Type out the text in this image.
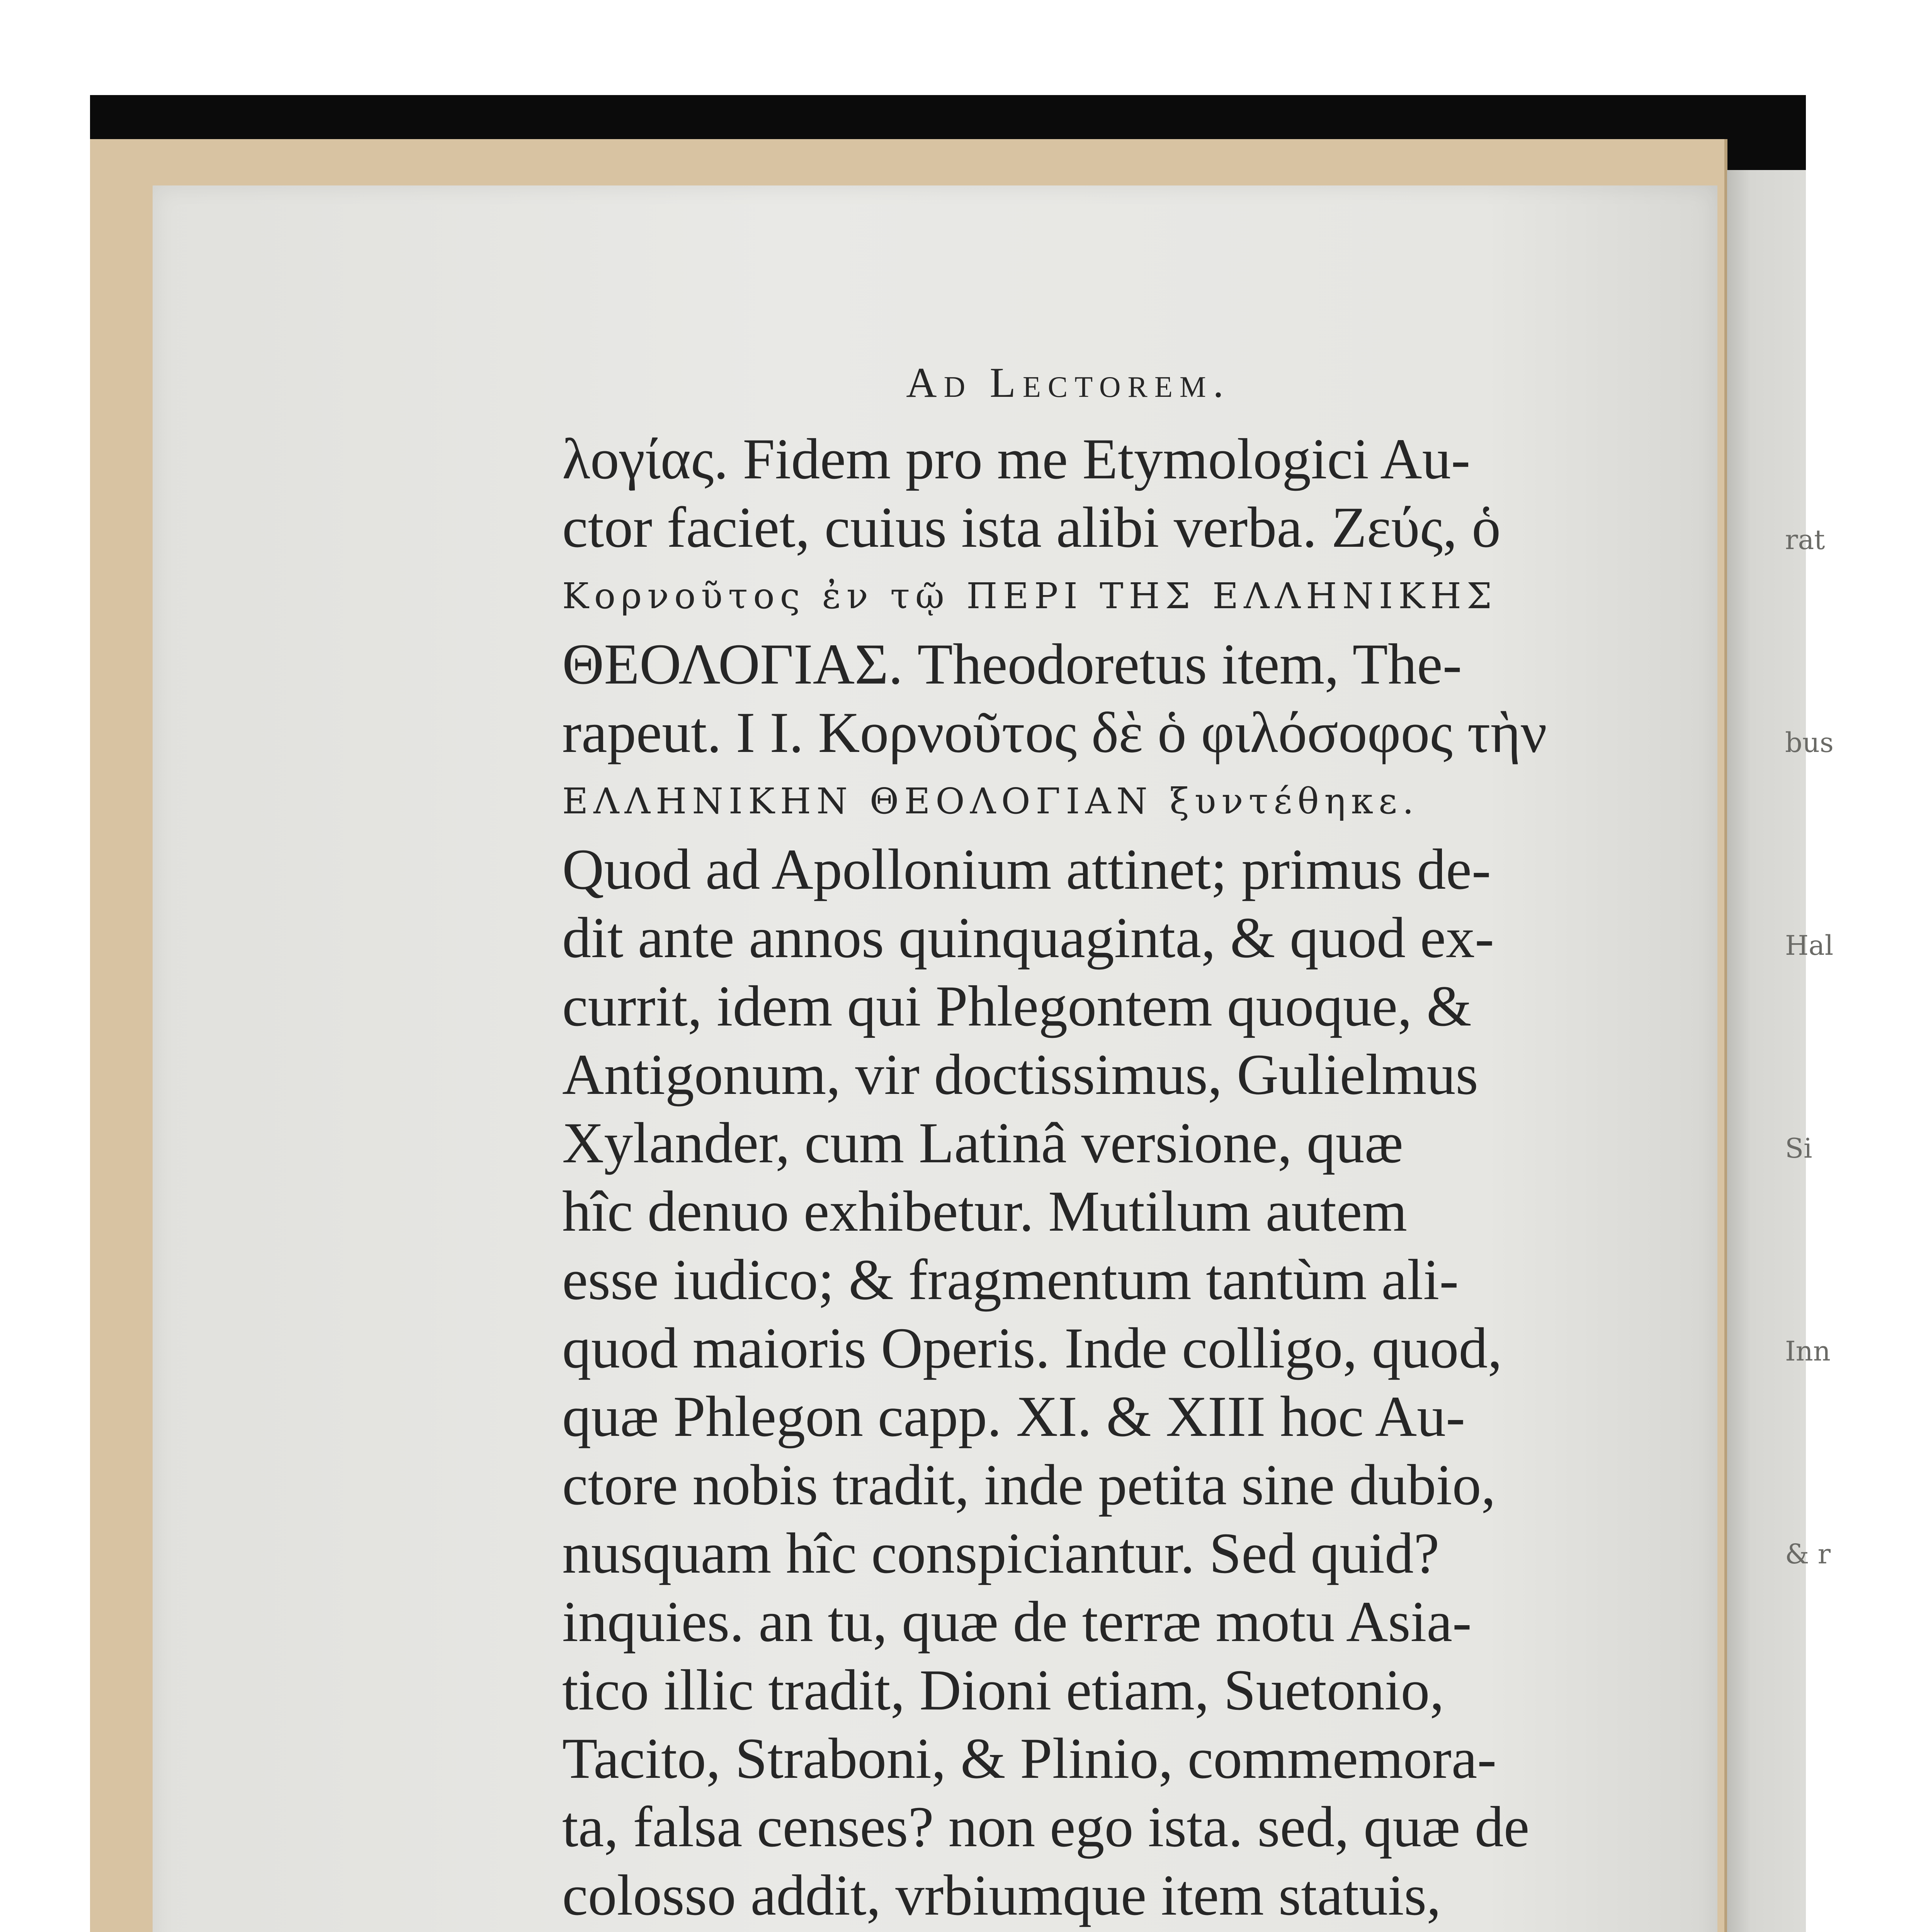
rat

bus

Hal

Si

Inn

& r

Ad Lectorem.
λογίας. Fidem pro me Etymologici Au-
ctor faciet, cuius ista alibi verba. Ζεύς, ὁ
Κορνοῦτος ἐν τῷ ΠΕΡΙ ΤΗΣ ΕΛΛΗΝΙΚΗΣ
ΘΕΟΛΟΓΙΑΣ. Theodoretus item, The-
rapeut. I I. Κορνοῦτος δὲ ὁ φιλόσοφος τὴν
ΕΛΛΗΝΙΚΗΝ ΘΕΟΛΟΓΙΑΝ ξυντέθηκε.
Quod ad Apollonium attinet; primus de-
dit ante annos quinquaginta, & quod ex-
currit, idem qui Phlegontem quoque, &
Antigonum, vir doctissimus, Gulielmus
Xylander, cum Latinâ versione, quæ
hîc denuo exhibetur. Mutilum autem
esse iudico; & fragmentum tantùm ali-
quod maioris Operis. Inde colligo, quod,
quæ Phlegon capp. XI. & XIII hoc Au-
ctore nobis tradit, inde petita sine dubio,
nusquam hîc conspiciantur. Sed quid?
inquies. an tu, quæ de terræ motu Asia-
tico illic tradit, Dioni etiam, Suetonio,
Tacito, Straboni, & Plinio, commemora-
ta, falsa censes? non ego ista. sed, quæ de
colosso addit, vrbiumque item statuis,
